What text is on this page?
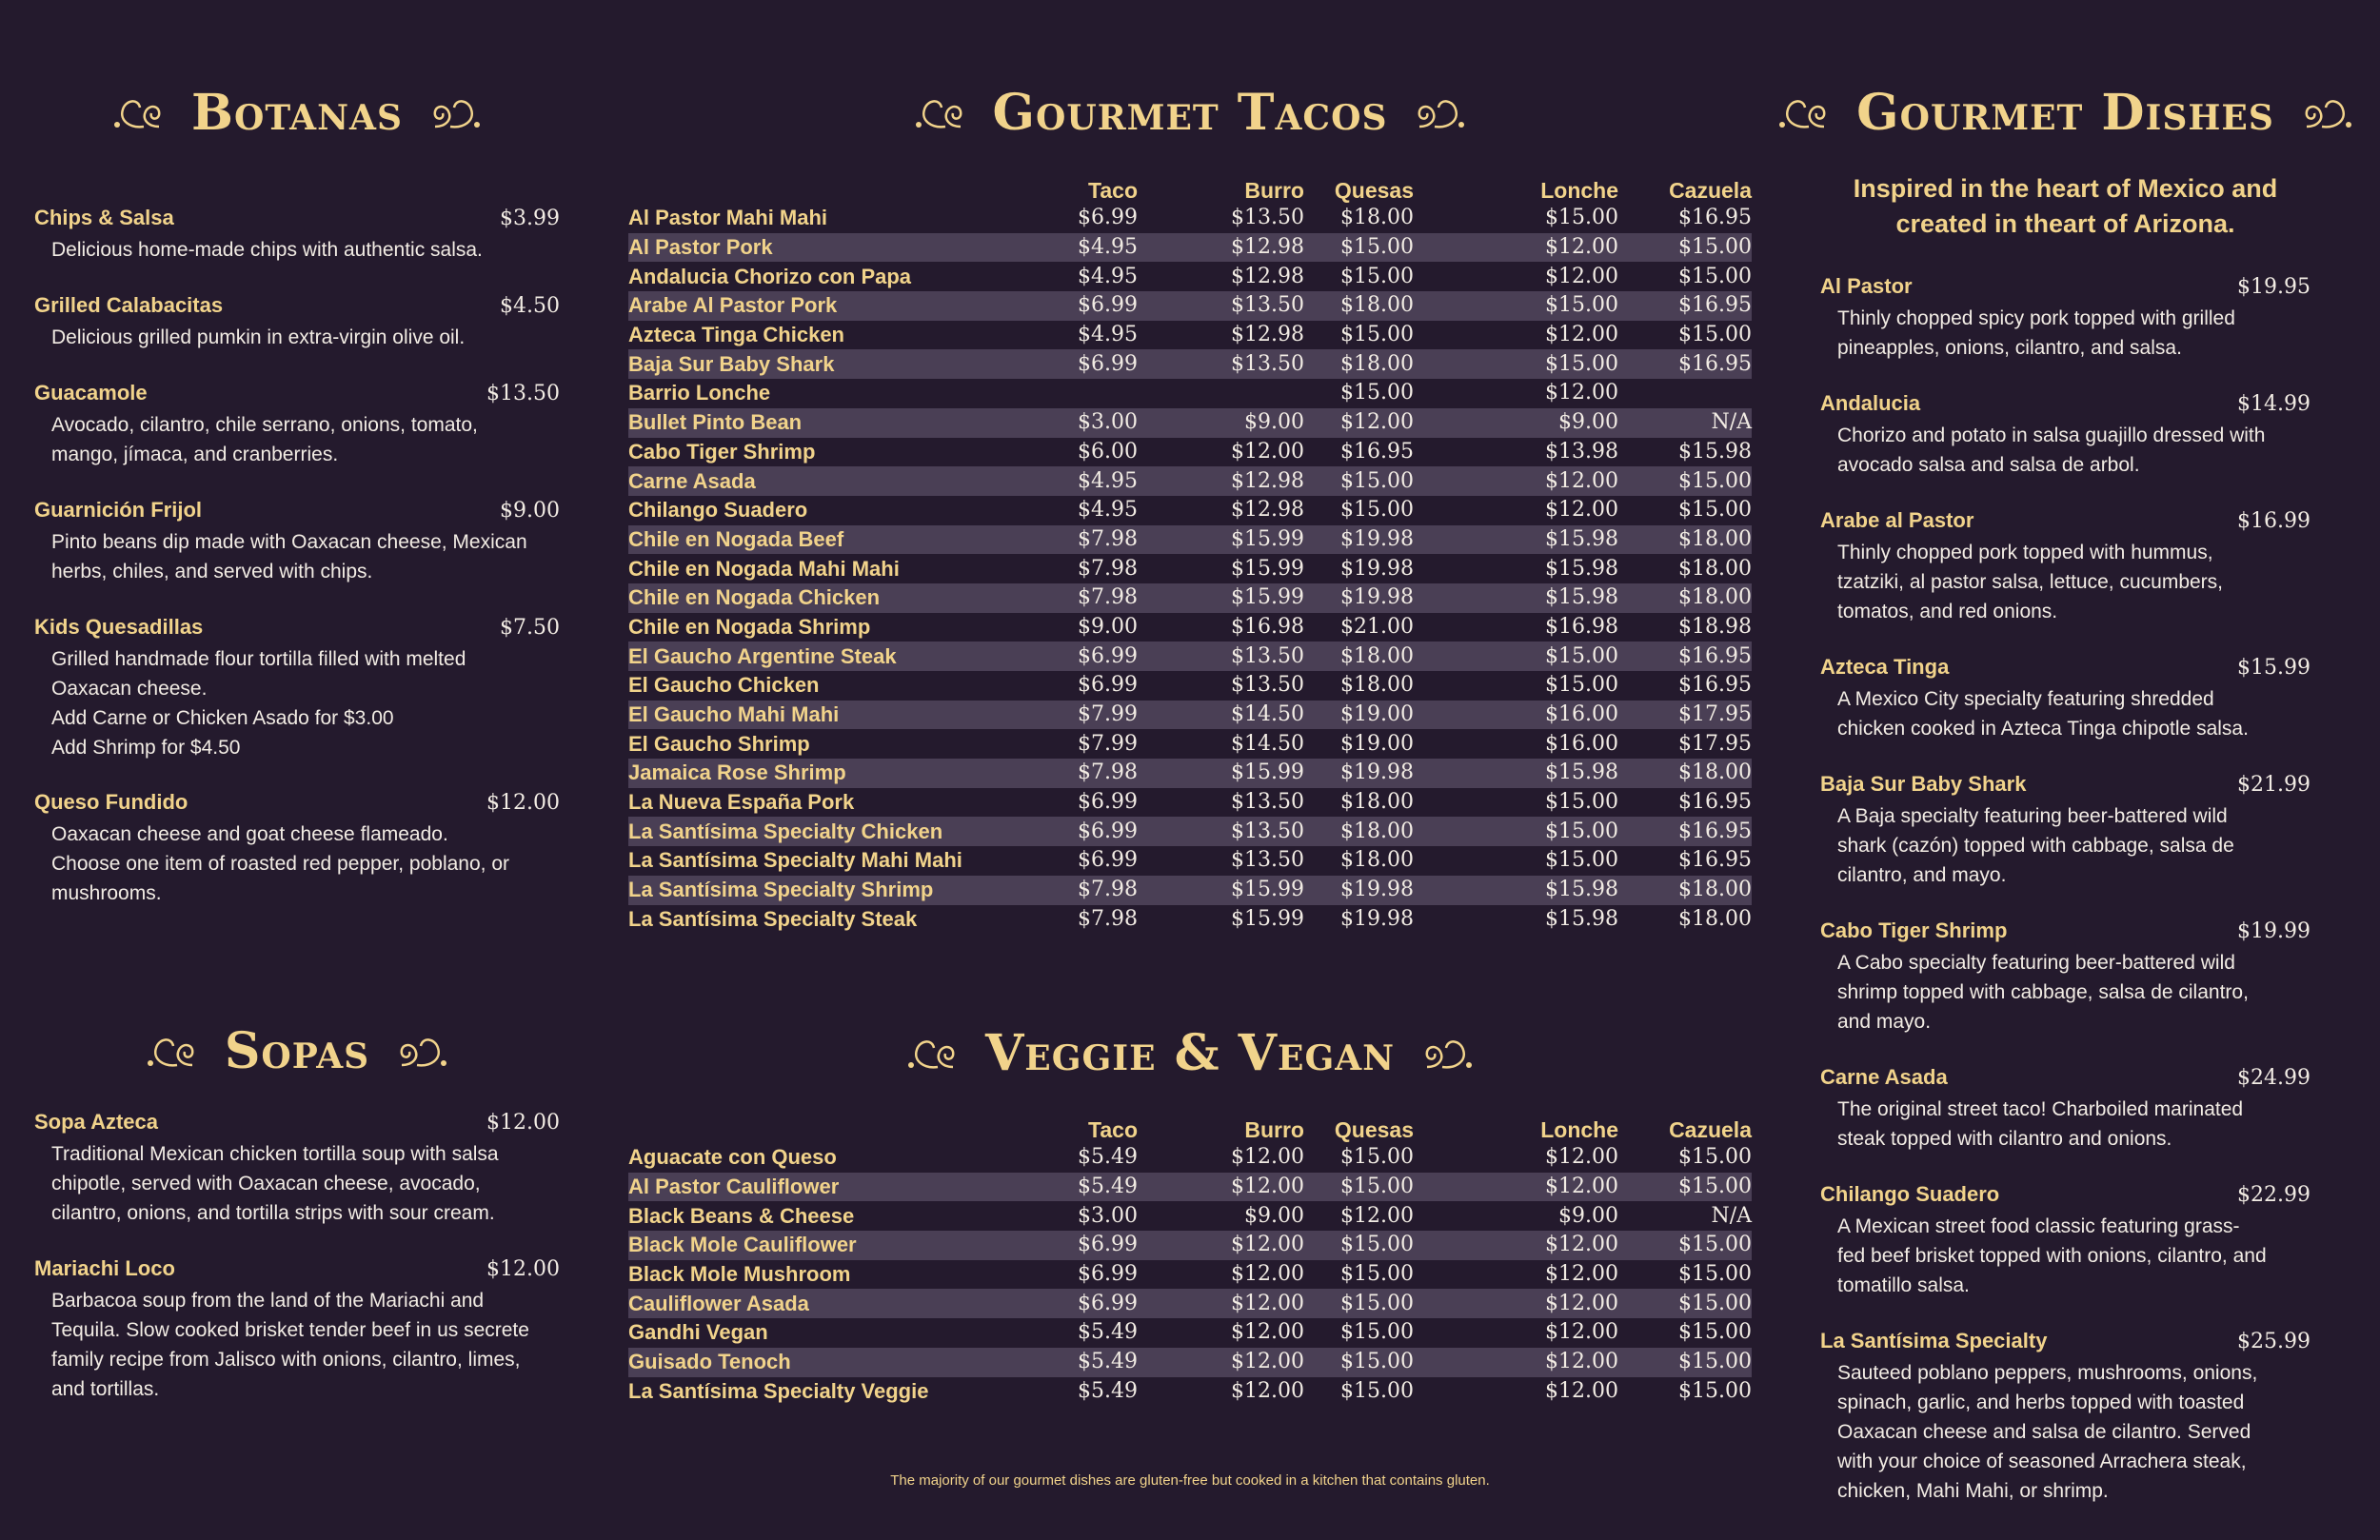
Botanas
Chips & Salsa	$3.99
Delicious home-made chips with authentic salsa.
Grilled Calabacitas	$4.50
Delicious grilled pumkin in extra-virgin olive oil.
Guacamole	$13.50
Avocado, cilantro, chile serrano, onions, tomato,
mango, jímaca, and cranberries.
Guarnición Frijol	$9.00
Pinto beans dip made with Oaxacan cheese, Mexican
herbs, chiles, and served with chips.
Kids Quesadillas	$7.50
Grilled handmade flour tortilla filled with melted
Oaxacan cheese.
Add Carne or Chicken Asado for $3.00
Add Shrimp for $4.50
Queso Fundido	$12.00
Oaxacan cheese and goat cheese flameado.
Choose one item of roasted red pepper, poblano, or
mushrooms.
Sopas
Sopa Azteca	$12.00
Traditional Mexican chicken tortilla soup with salsa
chipotle, served with Oaxacan cheese, avocado,
cilantro, onions, and tortilla strips with sour cream.
Mariachi Loco	$12.00
Barbacoa soup from the land of the Mariachi and
Tequila. Slow cooked brisket tender beef in us secrete
family recipe from Jalisco with onions, cilantro, limes,
and tortillas.
Gourmet Tacos
	Taco	Burro	Quesas	Lonche	Cazuela
Al Pastor Mahi Mahi	$6.99	$13.50	$18.00	$15.00	$16.95
Al Pastor Pork	$4.95	$12.98	$15.00	$12.00	$15.00
Andalucia Chorizo con Papa	$4.95	$12.98	$15.00	$12.00	$15.00
Arabe Al Pastor Pork	$6.99	$13.50	$18.00	$15.00	$16.95
Azteca Tinga Chicken	$4.95	$12.98	$15.00	$12.00	$15.00
Baja Sur Baby Shark	$6.99	$13.50	$18.00	$15.00	$16.95
Barrio Lonche			$15.00	$12.00	
Bullet Pinto Bean	$3.00	$9.00	$12.00	$9.00	N/A
Cabo Tiger Shrimp	$6.00	$12.00	$16.95	$13.98	$15.98
Carne Asada	$4.95	$12.98	$15.00	$12.00	$15.00
Chilango Suadero	$4.95	$12.98	$15.00	$12.00	$15.00
Chile en Nogada Beef	$7.98	$15.99	$19.98	$15.98	$18.00
Chile en Nogada Mahi Mahi	$7.98	$15.99	$19.98	$15.98	$18.00
Chile en Nogada Chicken	$7.98	$15.99	$19.98	$15.98	$18.00
Chile en Nogada Shrimp	$9.00	$16.98	$21.00	$16.98	$18.98
El Gaucho Argentine Steak	$6.99	$13.50	$18.00	$15.00	$16.95
El Gaucho Chicken	$6.99	$13.50	$18.00	$15.00	$16.95
El Gaucho Mahi Mahi	$7.99	$14.50	$19.00	$16.00	$17.95
El Gaucho Shrimp	$7.99	$14.50	$19.00	$16.00	$17.95
Jamaica Rose Shrimp	$7.98	$15.99	$19.98	$15.98	$18.00
La Nueva España Pork	$6.99	$13.50	$18.00	$15.00	$16.95
La Santísima Specialty Chicken	$6.99	$13.50	$18.00	$15.00	$16.95
La Santísima Specialty Mahi Mahi	$6.99	$13.50	$18.00	$15.00	$16.95
La Santísima Specialty Shrimp	$7.98	$15.99	$19.98	$15.98	$18.00
La Santísima Specialty Steak	$7.98	$15.99	$19.98	$15.98	$18.00
Veggie & Vegan
	Taco	Burro	Quesas	Lonche	Cazuela
Aguacate con Queso	$5.49	$12.00	$15.00	$12.00	$15.00
Al Pastor Cauliflower	$5.49	$12.00	$15.00	$12.00	$15.00
Black Beans & Cheese	$3.00	$9.00	$12.00	$9.00	N/A
Black Mole Cauliflower	$6.99	$12.00	$15.00	$12.00	$15.00
Black Mole Mushroom	$6.99	$12.00	$15.00	$12.00	$15.00
Cauliflower Asada	$6.99	$12.00	$15.00	$12.00	$15.00
Gandhi Vegan	$5.49	$12.00	$15.00	$12.00	$15.00
Guisado Tenoch	$5.49	$12.00	$15.00	$12.00	$15.00
La Santísima Specialty Veggie	$5.49	$12.00	$15.00	$12.00	$15.00
The majority of our gourmet dishes are gluten-free but cooked in a kitchen that contains gluten.
Gourmet Dishes
Inspired in the heart of Mexico and
created in theart of Arizona.
Al Pastor	$19.95
Thinly chopped spicy pork topped with grilled
pineapples, onions, cilantro, and salsa.
Andalucia	$14.99
Chorizo and potato in salsa guajillo dressed with
avocado salsa and salsa de arbol.
Arabe al Pastor	$16.99
Thinly chopped pork topped with hummus,
tzatziki, al pastor salsa, lettuce, cucumbers,
tomatos, and red onions.
Azteca Tinga	$15.99
A Mexico City specialty featuring shredded
chicken cooked in Azteca Tinga chipotle salsa.
Baja Sur Baby Shark	$21.99
A Baja specialty featuring beer-battered wild
shark (cazón) topped with cabbage, salsa de
cilantro, and mayo.
Cabo Tiger Shrimp	$19.99
A Cabo specialty featuring beer-battered wild
shrimp topped with cabbage, salsa de cilantro,
and mayo.
Carne Asada	$24.99
The original street taco! Charboiled marinated
steak topped with cilantro and onions.
Chilango Suadero	$22.99
A Mexican street food classic featuring grass-
fed beef brisket topped with onions, cilantro, and
tomatillo salsa.
La Santísima Specialty	$25.99
Sauteed poblano peppers, mushrooms, onions,
spinach, garlic, and herbs topped with toasted
Oaxacan cheese and salsa de cilantro. Served
with your choice of seasoned Arrachera steak,
chicken, Mahi Mahi, or shrimp.
